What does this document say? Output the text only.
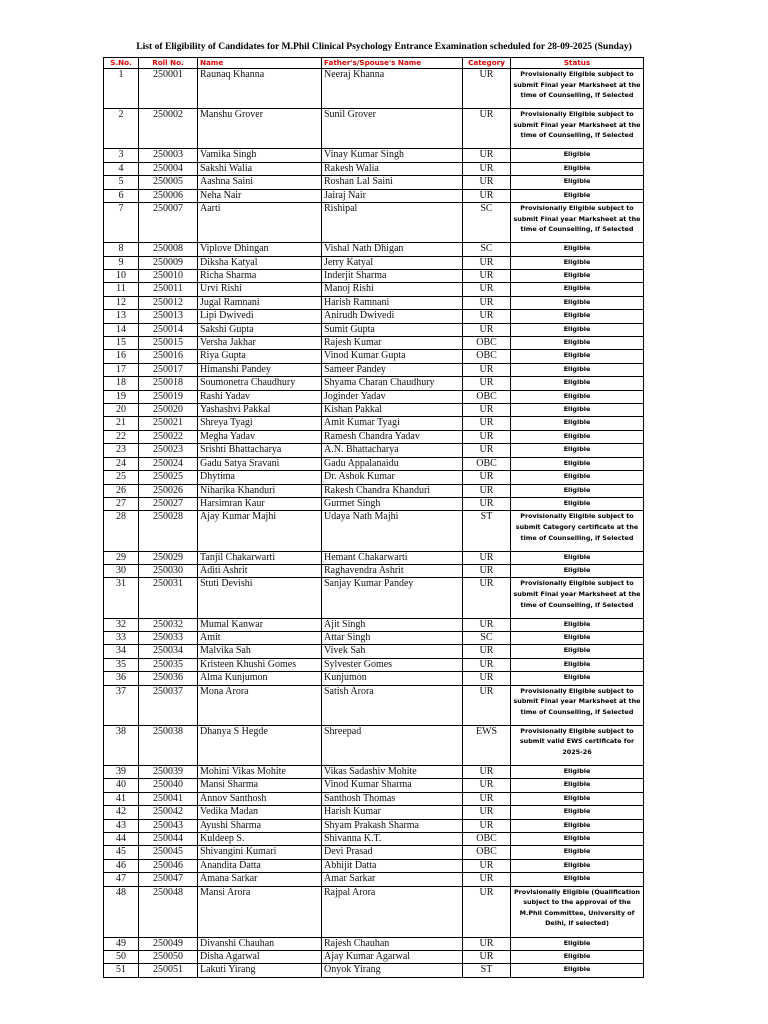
List of Eligibility of Candidates for M.Phil Clinical Psychology Entrance Examination scheduled for 28-09-2025 (Sunday)
S.No.	Roll No.	Name	Father's/Spouse's Name	Category	Status
1	250001	Raunaq Khanna	Neeraj Khanna	UR	Provisionally Eligible subject to submit Final year Marksheet at the time of Counselling, if Selected
2	250002	Manshu Grover	Sunil Grover	UR	Provisionally Eligible subject to submit Final year Marksheet at the time of Counselling, if Selected
3	250003	Vamika Singh	Vinay Kumar Singh	UR	Eligible
4	250004	Sakshi Walia	Rakesh Walia	UR	Eligible
5	250005	Aashna Saini	Roshan Lal Saini	UR	Eligible
6	250006	Neha Nair	Jairaj Nair	UR	Eligible
7	250007	Aarti	Rishipal	SC	Provisionally Eligible subject to submit Final year Marksheet at the time of Counselling, if Selected
8	250008	Viplove Dhingan	Vishal Nath Dhigan	SC	Eligible
9	250009	Diksha Katyal	Jerry Katyal	UR	Eligible
10	250010	Richa Sharma	Inderjit Sharma	UR	Eligible
11	250011	Urvi Rishi	Manoj Rishi	UR	Eligible
12	250012	Jugal Ramnani	Harish Ramnani	UR	Eligible
13	250013	Lipi Dwivedi	Anirudh Dwivedi	UR	Eligible
14	250014	Sakshi Gupta	Sumit Gupta	UR	Eligible
15	250015	Versha Jakhar	Rajesh Kumar	OBC	Eligible
16	250016	Riya Gupta	Vinod Kumar Gupta	OBC	Eligible
17	250017	Himanshi Pandey	Sameer Pandey	UR	Eligible
18	250018	Soumonetra Chaudhury	Shyama Charan Chaudhury	UR	Eligible
19	250019	Rashi Yadav	Joginder Yadav	OBC	Eligible
20	250020	Yashashvi Pakkal	Kishan Pakkal	UR	Eligible
21	250021	Shreya Tyagi	Amit Kumar Tyagi	UR	Eligible
22	250022	Megha Yadav	Ramesh Chandra Yadav	UR	Eligible
23	250023	Srishti Bhattacharya	A.N. Bhattacharya	UR	Eligible
24	250024	Gadu Satya Sravani	Gadu Appalanaidu	OBC	Eligible
25	250025	Dhytima	Dr. Ashok Kumar	UR	Eligible
26	250026	Niharika Khanduri	Rakesh Chandra Khanduri	UR	Eligible
27	250027	Harsimran Kaur	Gurmet Singh	UR	Eligible
28	250028	Ajay Kumar Majhi	Udaya Nath Majhi	ST	Provisionally Eligible subject to submit Category certificate at the time of Counselling, if Selected
29	250029	Tanjil Chakarwarti	Hemant Chakarwarti	UR	Eligible
30	250030	Aditi Ashrit	Raghavendra Ashrit	UR	Eligible
31	250031	Stuti Devishi	Sanjay Kumar Pandey	UR	Provisionally Eligible subject to submit Final year Marksheet at the time of Counselling, if Selected
32	250032	Mumal Kanwar	Ajit Singh	UR	Eligible
33	250033	Amit	Attar Singh	SC	Eligible
34	250034	Malvika Sah	Vivek Sah	UR	Eligible
35	250035	Kristeen Khushi Gomes	Sylvester Gomes	UR	Eligible
36	250036	Alma Kunjumon	Kunjumon	UR	Eligible
37	250037	Mona Arora	Satish Arora	UR	Provisionally Eligible subject to submit Final year Marksheet at the time of Counselling, if Selected
38	250038	Dhanya S Hegde	Shreepad	EWS	Provisionally Eligible subject to submit valid EWS certificate for 2025-26
39	250039	Mohini Vikas Mohite	Vikas Sadashiv Mohite	UR	Eligible
40	250040	Mansi Sharma	Vinod Kumar Sharma	UR	Eligible
41	250041	Annov Santhosh	Santhosh Thomas	UR	Eligible
42	250042	Vedika Madan	Harish Kumar	UR	Eligible
43	250043	Ayushi Sharma	Shyam Prakash Sharma	UR	Eligible
44	250044	Kuldeep S.	Shivanna K.T.	OBC	Eligible
45	250045	Shivangini Kumari	Devi Prasad	OBC	Eligible
46	250046	Anandita Datta	Abhijit Datta	UR	Eligible
47	250047	Amana Sarkar	Amar Sarkar	UR	Eligible
48	250048	Mansi Arora	Rajpal Arora	UR	Provisionally Eligible (Qualification subject to the approval of the M.Phil Committee, University of Delhi, if selected)
49	250049	Divanshi Chauhan	Rajesh Chauhan	UR	Eligible
50	250050	Disha Agarwal	Ajay Kumar Agarwal	UR	Eligible
51	250051	Lakuti Yirang	Onyok Yirang	ST	Eligible
